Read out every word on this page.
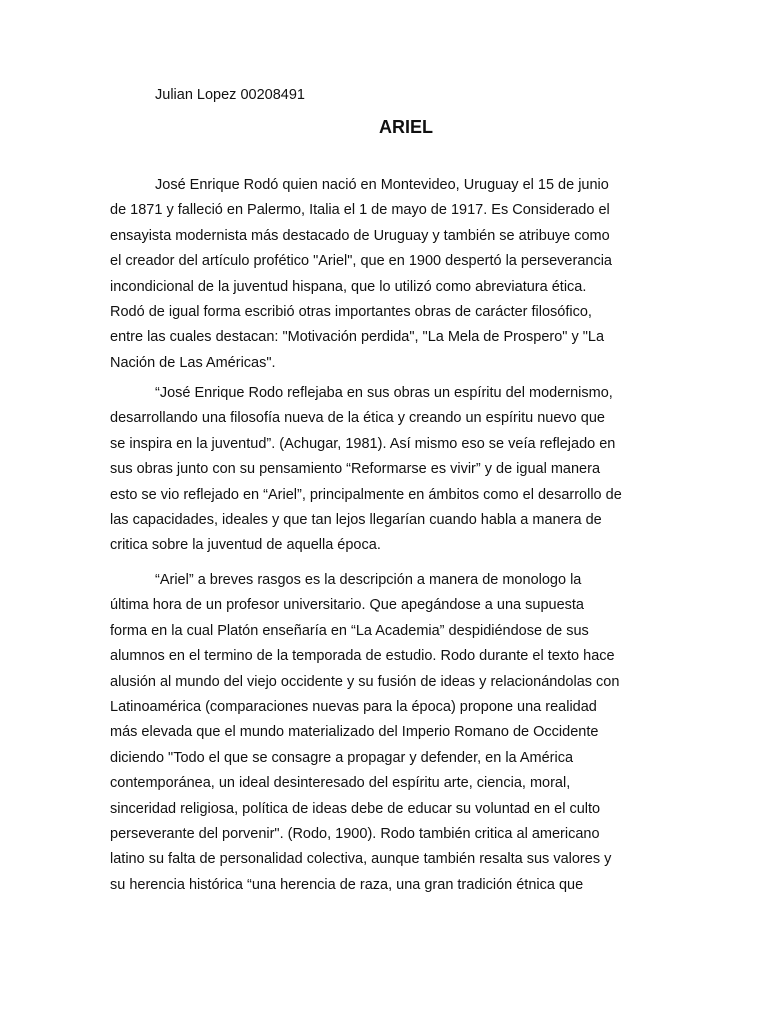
Julian Lopez 00208491
ARIEL
José Enrique Rodó quien nació en Montevideo, Uruguay el 15 de junio
de 1871 y falleció en Palermo, Italia el 1 de mayo de 1917. Es Considerado el
ensayista modernista más destacado de Uruguay y también se atribuye como
el creador del artículo profético "Ariel", que en 1900 despertó la perseverancia
incondicional de la juventud hispana, que lo utilizó como abreviatura ética.
Rodó de igual forma escribió otras importantes obras de carácter filosófico,
entre las cuales destacan: "Motivación perdida", "La Mela de Prospero" y "La
Nación de Las Américas".
“José Enrique Rodo reflejaba en sus obras un espíritu del modernismo,
desarrollando una filosofía nueva de la ética y creando un espíritu nuevo que
se inspira en la juventud”. (Achugar, 1981). Así mismo eso se veía reflejado en
sus obras junto con su pensamiento “Reformarse es vivir” y de igual manera
esto se vio reflejado en “Ariel”, principalmente en ámbitos como el desarrollo de
las capacidades, ideales y que tan lejos llegarían cuando habla a manera de
critica sobre la juventud de aquella época.
“Ariel” a breves rasgos es la descripción a manera de monologo la
última hora de un profesor universitario. Que apegándose a una supuesta
forma en la cual Platón enseñaría en “La Academia” despidiéndose de sus
alumnos en el termino de la temporada de estudio. Rodo durante el texto hace
alusión al mundo del viejo occidente y su fusión de ideas y relacionándolas con
Latinoamérica (comparaciones nuevas para la época) propone una realidad
más elevada que el mundo materializado del Imperio Romano de Occidente
diciendo "Todo el que se consagre a propagar y defender, en la América
contemporánea, un ideal desinteresado del espíritu arte, ciencia, moral,
sinceridad religiosa, política de ideas debe de educar su voluntad en el culto
perseverante del porvenir". (Rodo, 1900). Rodo también critica al americano
latino su falta de personalidad colectiva, aunque también resalta sus valores y
su herencia histórica “una herencia de raza, una gran tradición étnica que
